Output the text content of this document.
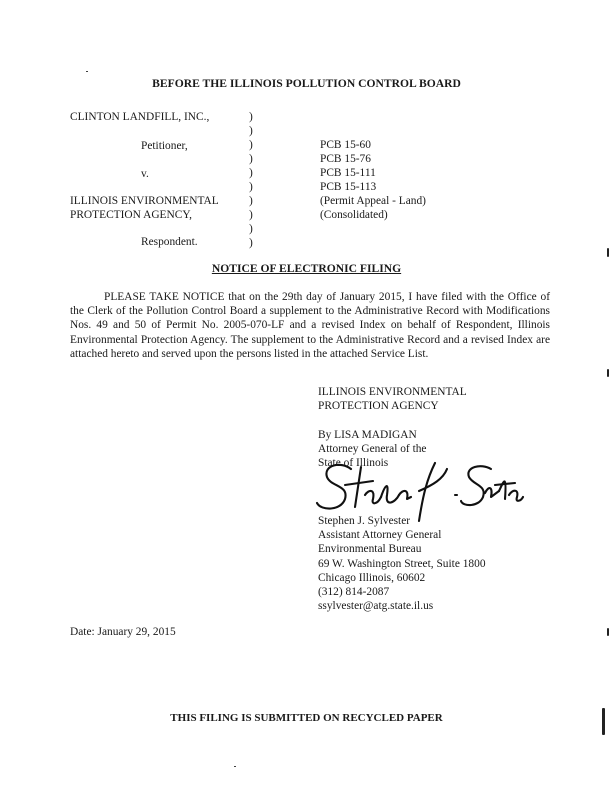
BEFORE THE ILLINOIS POLLUTION CONTROL BOARD
CLINTON LANDFILL, INC.,
Petitioner,
v.
ILLINOIS ENVIRONMENTAL
PROTECTION AGENCY,
Respondent.
)
)
)
)
)
)
)
)
)
)
PCB 15-60
PCB 15-76
PCB 15-111
PCB 15-113
(Permit Appeal - Land)
(Consolidated)
NOTICE OF ELECTRONIC FILING

PLEASE TAKE NOTICE that on the 29th day of January 2015, I have filed with the Office of the Clerk of the Pollution Control Board a supplement to the Administrative Record with Modifications Nos. 49 and 50 of Permit No. 2005-070-LF and a revised Index on behalf of Respondent, Illinois Environmental Protection Agency. The supplement to the Administrative Record and a revised Index are attached hereto and served upon the persons listed in the attached Service List.

ILLINOIS ENVIRONMENTAL
PROTECTION AGENCY
By LISA MADIGAN
Attorney General of the
State of Illinois
Stephen J. Sylvester
Assistant Attorney General
Environmental Bureau
69 W. Washington Street, Suite 1800
Chicago Illinois, 60602
(312) 814-2087
ssylvester@atg.state.il.us
Date: January 29, 2015
THIS FILING IS SUBMITTED ON RECYCLED PAPER
